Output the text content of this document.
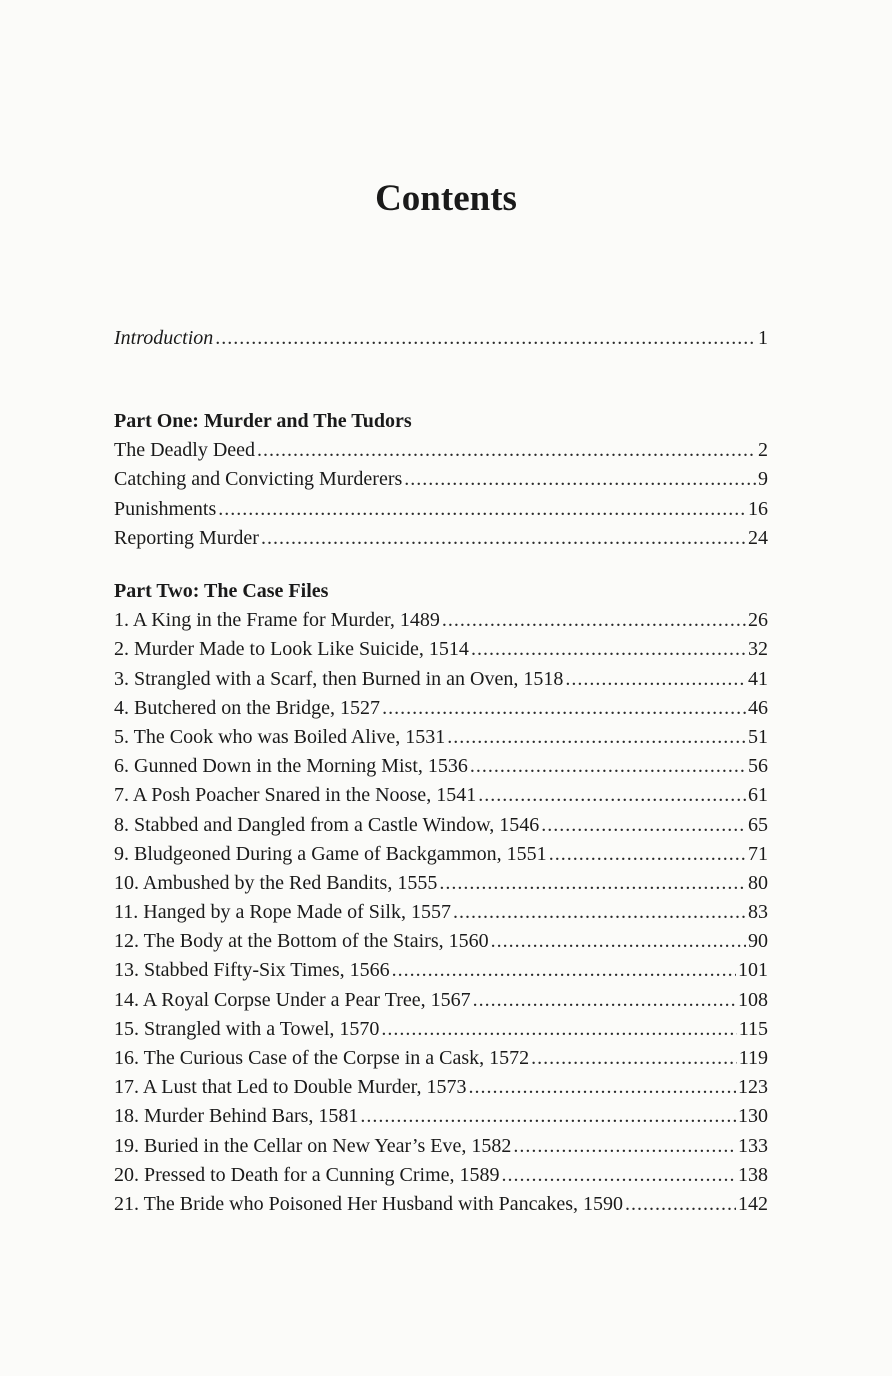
Contents
Introduction .....	1
Part One: Murder and The Tudors
The Deadly Deed .....	2
Catching and Convicting Murderers .....	9
Punishments .....	16
Reporting Murder .....	24
Part Two: The Case Files
1. A King in the Frame for Murder, 1489 .....	26
2. Murder Made to Look Like Suicide, 1514 .....	32
3. Strangled with a Scarf, then Burned in an Oven, 1518 .....	41
4. Butchered on the Bridge, 1527 .....	46
5. The Cook who was Boiled Alive, 1531 .....	51
6. Gunned Down in the Morning Mist, 1536 .....	56
7. A Posh Poacher Snared in the Noose, 1541 .....	61
8. Stabbed and Dangled from a Castle Window, 1546 .....	65
9. Bludgeoned During a Game of Backgammon, 1551 .....	71
10. Ambushed by the Red Bandits, 1555 .....	80
11. Hanged by a Rope Made of Silk, 1557 .....	83
12. The Body at the Bottom of the Stairs, 1560 .....	90
13. Stabbed Fifty-Six Times, 1566 .....	101
14. A Royal Corpse Under a Pear Tree, 1567 .....	108
15. Strangled with a Towel, 1570 .....	115
16. The Curious Case of the Corpse in a Cask, 1572 .....	119
17. A Lust that Led to Double Murder, 1573 .....	123
18. Murder Behind Bars, 1581 .....	130
19. Buried in the Cellar on New Year’s Eve, 1582 .....	133
20. Pressed to Death for a Cunning Crime, 1589 .....	138
21. The Bride who Poisoned Her Husband with Pancakes, 1590 .....	142
